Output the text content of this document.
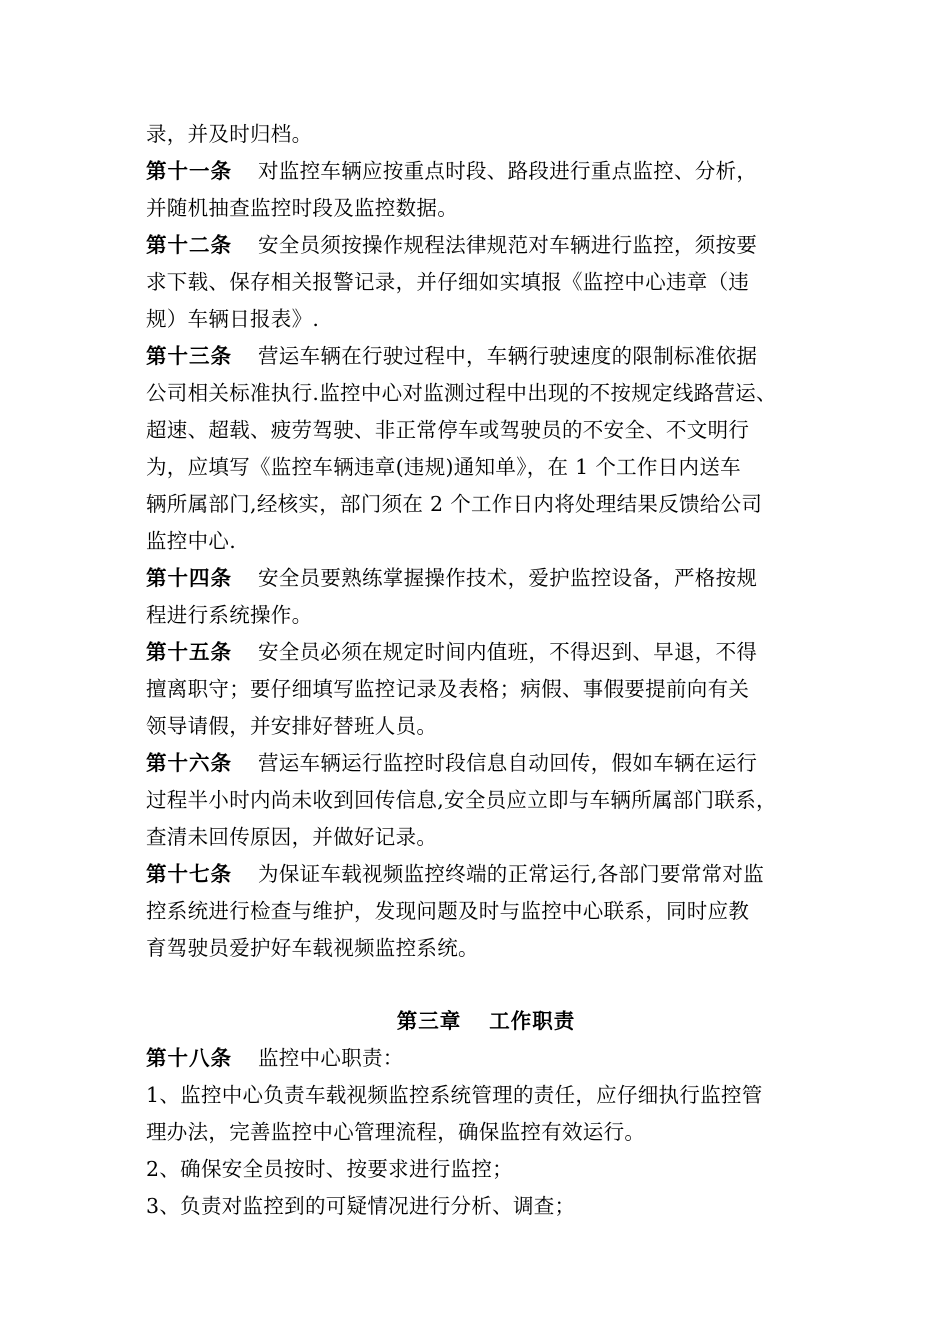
录，并及时归档。
第十一条 对监控车辆应按重点时段、路段进行重点监控、分析，
并随机抽查监控时段及监控数据。
第十二条 安全员须按操作规程法律规范对车辆进行监控，须按要
求下载、保存相关报警记录，并仔细如实填报《监控中心违章（违
规）车辆日报表》.
第十三条 营运车辆在行驶过程中，车辆行驶速度的限制标准依据
公司相关标准执行.监控中心对监测过程中出现的不按规定线路营运、
超速、超载、疲劳驾驶、非正常停车或驾驶员的不安全、不文明行
为，应填写《监控车辆违章(违规)通知单》，在 1 个工作日内送车
辆所属部门,经核实，部门须在 2 个工作日内将处理结果反馈给公司
监控中心.
第十四条 安全员要熟练掌握操作技术，爱护监控设备，严格按规
程进行系统操作。
第十五条 安全员必须在规定时间内值班，不得迟到、早退，不得
擅离职守；要仔细填写监控记录及表格；病假、事假要提前向有关
领导请假，并安排好替班人员。
第十六条 营运车辆运行监控时段信息自动回传，假如车辆在运行
过程半小时内尚未收到回传信息,安全员应立即与车辆所属部门联系，
查清未回传原因，并做好记录。
第十七条 为保证车载视频监控终端的正常运行,各部门要常常对监
控系统进行检查与维护，发现问题及时与监控中心联系，同时应教
育驾驶员爱护好车载视频监控系统。
第三章 工作职责
第十八条 监控中心职责：
1、监控中心负责车载视频监控系统管理的责任，应仔细执行监控管
理办法，完善监控中心管理流程，确保监控有效运行。
2、确保安全员按时、按要求进行监控；
3、负责对监控到的可疑情况进行分析、调查；
